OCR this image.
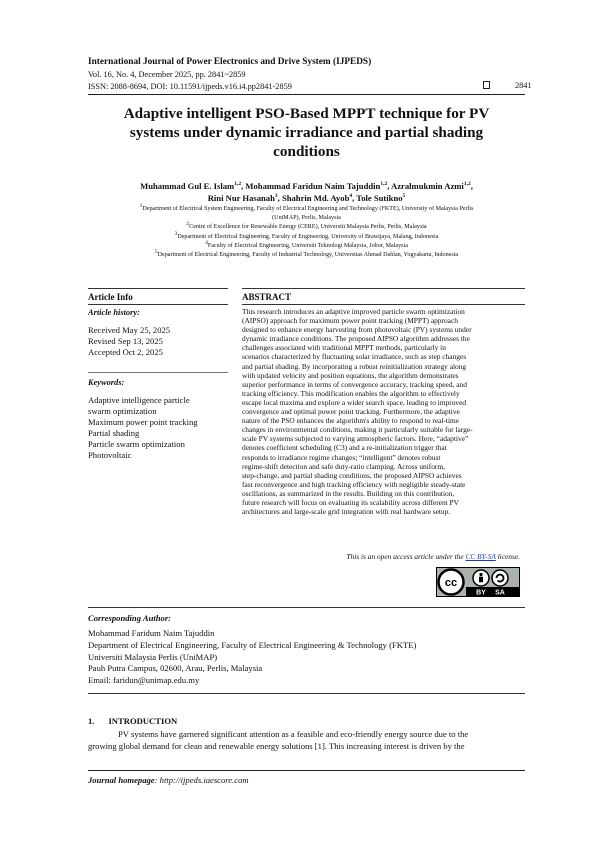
International Journal of Power Electronics and Drive System (IJPEDS)
Vol. 16, No. 4, December 2025, pp. 2841~2859
ISSN: 2088-8694, DOI: 10.11591/ijpeds.v16.i4.pp2841-2859	2841
Adaptive intelligent PSO-Based MPPT technique for PV
systems under dynamic irradiance and partial shading
conditions
Muhammad Gul E. Islam$^{1,2}$, Mohammad Faridun Naim Tajuddin$^{1,2}$, Azralmukmin Azmi$^{1,2}$,
Rini Nur Hasanah$^3$, Shahrin Md. Ayob$^4$, Tole Sutikno$^5$
$^1$Department of Electrical System Engineering, Faculty of Electrical Engineering and Technology (FKTE), University of Malaysia Perlis
(UniMAP), Perlis, Malaysia
$^2$Centre of Excellence for Renewable Energy (CERE), Universiti Malaysia Perlis, Perlis, Malaysia
$^3$Department of Electrical Engineering, Faculty of Engineering, University of Brawijaya, Malang, Indonesia
$^4$Faculty of Electrical Engineering, Universiti Teknologi Malaysia, Johor, Malaysia
$^5$Department of Electrical Engineering, Faculty of Industrial Technology, Universitas Ahmad Dahlan, Yogyakarta, Indonesia
Article Info	ABSTRACT
Article history:
Received May 25, 2025
Revised Sep 13, 2025
Accepted Oct 2, 2025
Keywords:
Adaptive intelligence particle
swarm optimization
Maximum power point tracking
Partial shading
Particle swarm optimization
Photovoltaic
This research introduces an adaptive improved particle swarm optimization
(AIPSO) approach for maximum power point tracking (MPPT) approach
designed to enhance energy harvesting from photovoltaic (PV) systems under
dynamic irradiance conditions. The proposed AIPSO algorithm addresses the
challenges associated with traditional MPPT methods, particularly in
scenarios characterized by fluctuating solar irradiance, such as step changes
and partial shading. By incorporating a robust reinitialization strategy along
with updated velocity and position equations, the algorithm demonstrates
superior performance in terms of convergence accuracy, tracking speed, and
tracking efficiency. This modification enables the algorithm to effectively
escape local maxima and explore a wider search space, leading to improved
convergence and optimal power point tracking. Furthermore, the adaptive
nature of the PSO enhances the algorithm's ability to respond to real-time
changes in environmental conditions, making it particularly suitable for large-
scale PV systems subjected to varying atmospheric factors. Here, “adaptive”
denotes coefficient scheduling (C3) and a re-initialization trigger that
responds to irradiance regime changes; “intelligent” denotes robust
regime-shift detection and safe duty-ratio clamping. Across uniform,
step-change, and partial shading conditions, the proposed AIPSO achieves
fast reconvergence and high tracking efficiency with negligible steady-state
oscillations, as summarized in the results. Building on this contribution,
future research will focus on evaluating its scalability across different PV
architectures and large-scale grid integration with real hardware setup.
This is an open access article under the CC BY-SA license.
cc
BY SA
Corresponding Author:
Mohammad Faridum Naim Tajuddin
Department of Electrical Engineering, Faculty of Electrical Engineering & Technology (FKTE)
Universiti Malaysia Perlis (UniMAP)
Pauh Putra Campus, 02600, Arau, Perlis, Malaysia
Email: faridun@unimap.edu.my
1. INTRODUCTION
PV systems have garnered significant attention as a feasible and eco-friendly energy source due to the
growing global demand for clean and renewable energy solutions [1]. This increasing interest is driven by the
Journal homepage: http://ijpeds.iaescore.com
